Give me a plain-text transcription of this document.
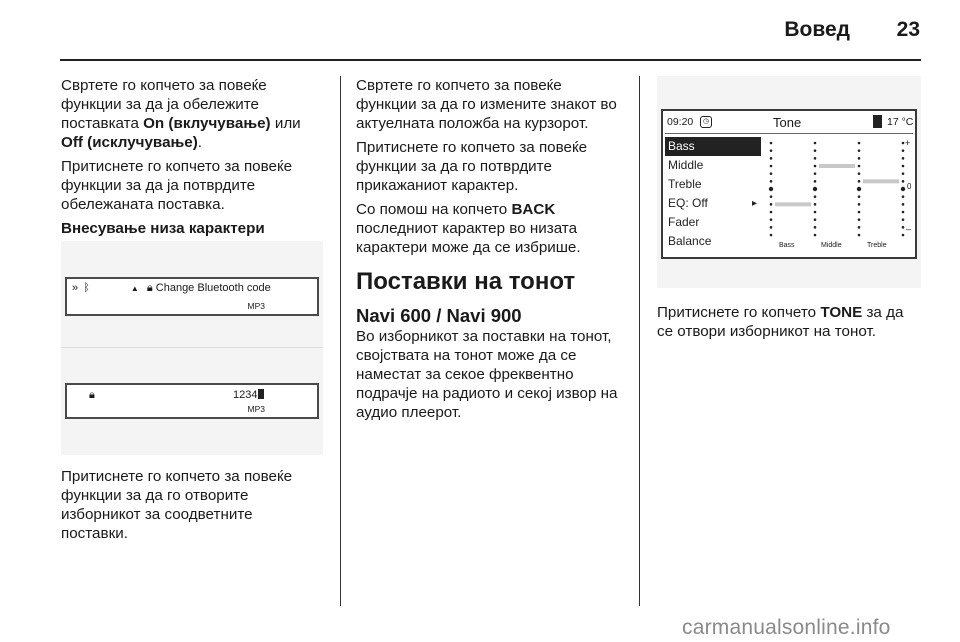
Вовед	23

Свртете го копчето за повеќе функции за да ја обележите поставката On (вклучување) или Off (исклучување).

Притиснете го копчето за повеќе функции за да ја потврдите обележаната поставка.

Внесување низа карактери
» ᛒ	▲ 🔒︎ Change Bluetooth code
MP3
🔒︎	1234
MP3

Притиснете го копчето за повеќе функции за да го отворите изборникот за соодветните поставки.

Свртете го копчето за повеќе функции за да го измените знакот во актуелната положба на курзорот.

Притиснете го копчето за повеќе функции за да го потврдите прикажаниот карактер.

Со помош на копчето BACK последниот карактер во низата карактери може да се избрише.

Поставки на тонот
Navi 600 / Navi 900

Во изборникот за поставки на тонот, својствата на тонот може да се наместат за секое фреквентно подрачје на радиото и секој извор на аудио плеерот.

09:20	◷	Tone	17 °C
Bass
Middle
Treble
EQ: Off	▸
Fader
Balance	Bass	Middle	Treble
+
0
–

Притиснете го копчето TONE за да се отвори изборникот на тонот.

carmanualsonline.info
